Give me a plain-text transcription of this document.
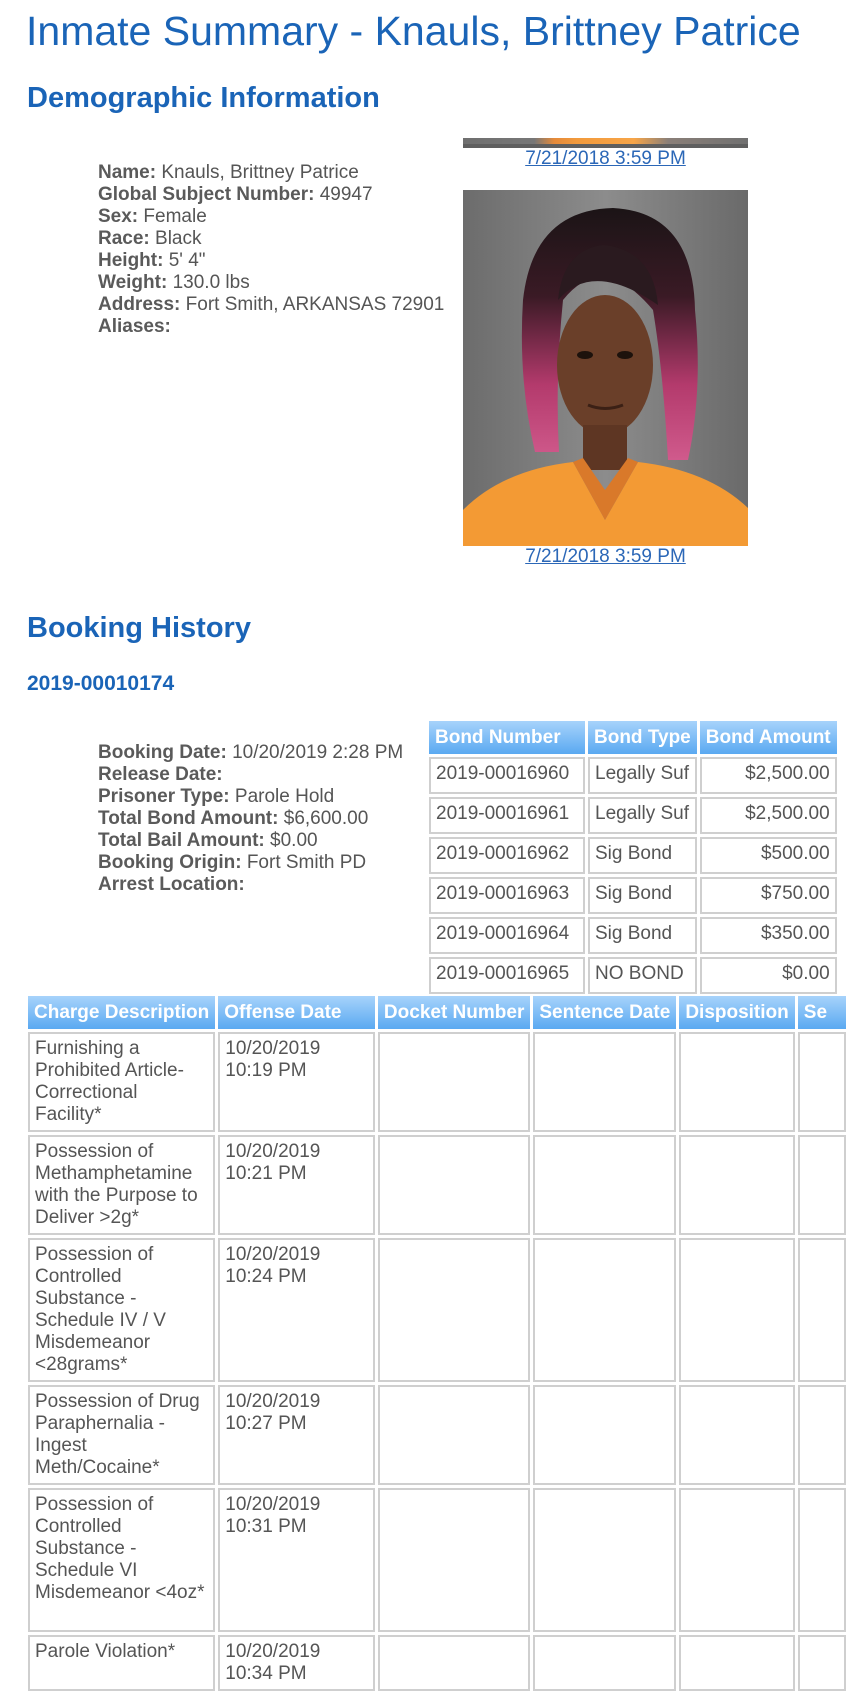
Inmate Summary - Knauls, Brittney Patrice
Demographic Information
Name: Knauls, Brittney Patrice
Global Subject Number: 49947
Sex: Female
Race: Black
Height: 5' 4"
Weight: 130.0 lbs
Address: Fort Smith, ARKANSAS 72901
Aliases:
7/21/2018 3:59 PM
7/21/2018 3:59 PM
Booking History
2019-00010174
Booking Date: 10/20/2019 2:28 PM
Release Date:
Prisoner Type: Parole Hold
Total Bond Amount: $6,600.00
Total Bail Amount: $0.00
Booking Origin: Fort Smith PD
Arrest Location:
Bond Number	Bond Type	Bond Amount
2019-00016960	Legally Suf	$2,500.00
2019-00016961	Legally Suf	$2,500.00
2019-00016962	Sig Bond	$500.00
2019-00016963	Sig Bond	$750.00
2019-00016964	Sig Bond	$350.00
2019-00016965	NO BOND	$0.00
Charge Description	Offense Date	Docket Number	Sentence Date	Disposition	Se
Furnishing a Prohibited Article-Correctional Facility*	10/20/2019 10:19 PM				
Possession of Methamphetamine with the Purpose to Deliver >2g*	10/20/2019 10:21 PM				
Possession of Controlled Substance - Schedule IV / V Misdemeanor <28grams*	10/20/2019 10:24 PM				
Possession of Drug Paraphernalia - Ingest Meth/Cocaine*	10/20/2019 10:27 PM				
Possession of Controlled Substance - Schedule VI Misdemeanor <4oz*	10/20/2019 10:31 PM				
Parole Violation*	10/20/2019 10:34 PM				
